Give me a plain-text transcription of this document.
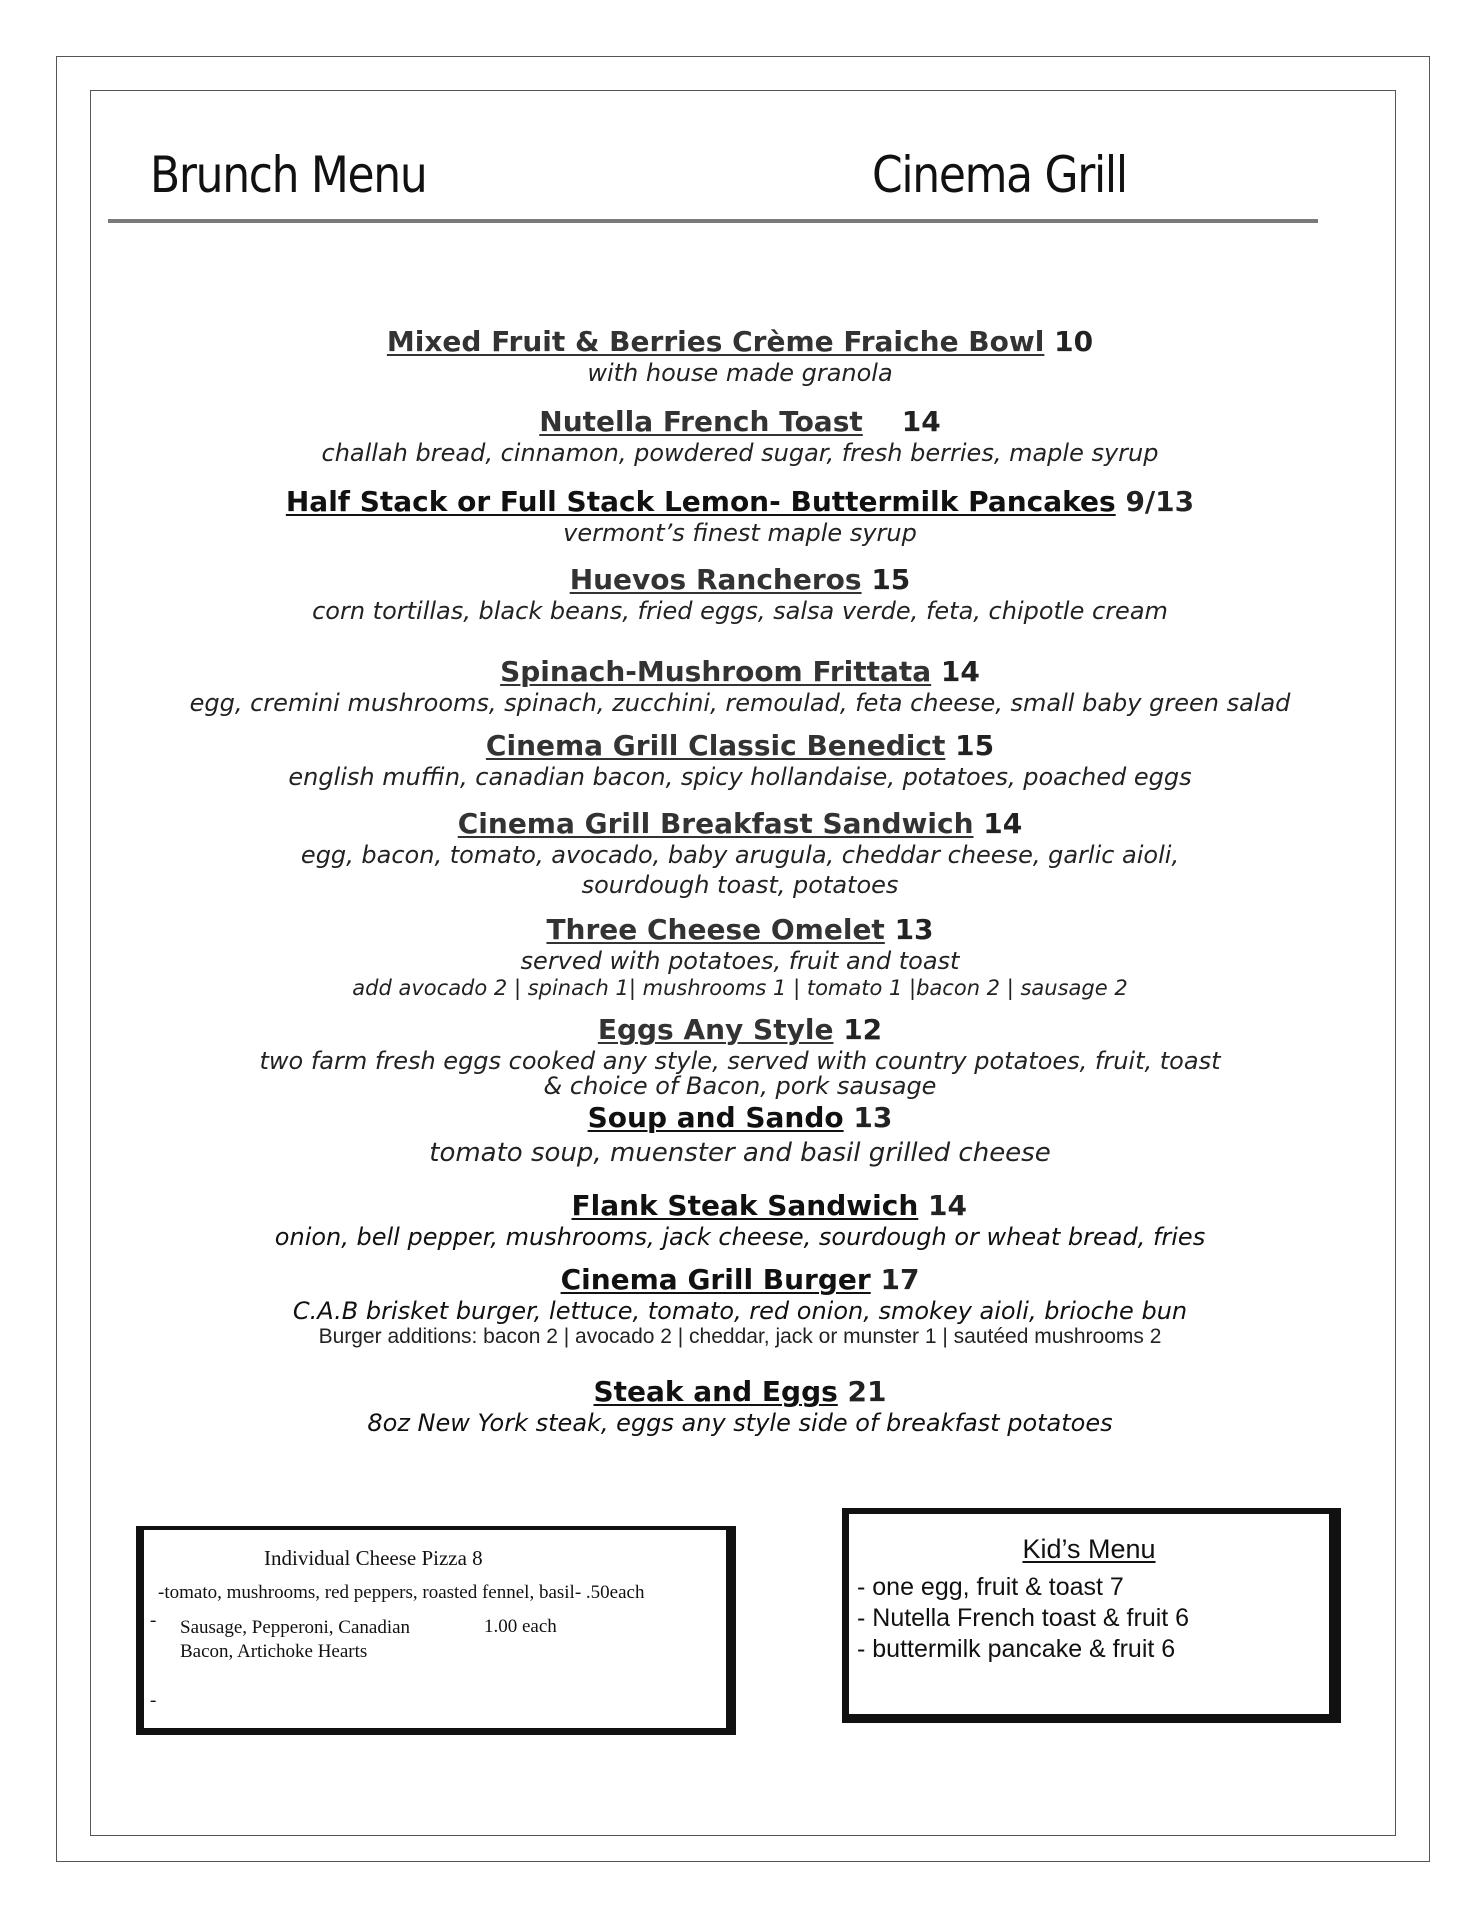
Brunch Menu	Cinema Grill
Mixed Fruit & Berries Crème Fraiche Bowl 10
with house made granola
Nutella French Toast 14
challah bread, cinnamon, powdered sugar, fresh berries, maple syrup
Half Stack or Full Stack Lemon- Buttermilk Pancakes 9/13
vermont’s finest maple syrup
Huevos Rancheros 15
corn tortillas, black beans, fried eggs, salsa verde, feta, chipotle cream
Spinach-Mushroom Frittata 14
egg, cremini mushrooms, spinach, zucchini, remoulad, feta cheese, small baby green salad
Cinema Grill Classic Benedict 15
english muffin, canadian bacon, spicy hollandaise, potatoes, poached eggs
Cinema Grill Breakfast Sandwich 14
egg, bacon, tomato, avocado, baby arugula, cheddar cheese, garlic aioli,
sourdough toast, potatoes
Three Cheese Omelet 13
served with potatoes, fruit and toast
add avocado 2 | spinach 1| mushrooms 1 | tomato 1 |bacon 2 | sausage 2
Eggs Any Style 12
two farm fresh eggs cooked any style, served with country potatoes, fruit, toast
& choice of Bacon, pork sausage
Soup and Sando 13
tomato soup, muenster and basil grilled cheese
Flank Steak Sandwich 14
onion, bell pepper, mushrooms, jack cheese, sourdough or wheat bread, fries
Cinema Grill Burger 17
C.A.B brisket burger, lettuce, tomato, red onion, smokey aioli, brioche bun
Burger additions: bacon 2 | avocado 2 | cheddar, jack or munster 1 | sautéed mushrooms 2
Steak and Eggs 21
8oz New York steak, eggs any style side of breakfast potatoes
Individual Cheese Pizza 8
-tomato, mushrooms, red peppers, roasted fennel, basil- .50each
- Sausage, Pepperoni, Canadian Bacon, Artichoke Hearts
1.00 each
-
Kid’s Menu
- one egg, fruit & toast 7
- Nutella French toast & fruit 6
- buttermilk pancake & fruit 6
